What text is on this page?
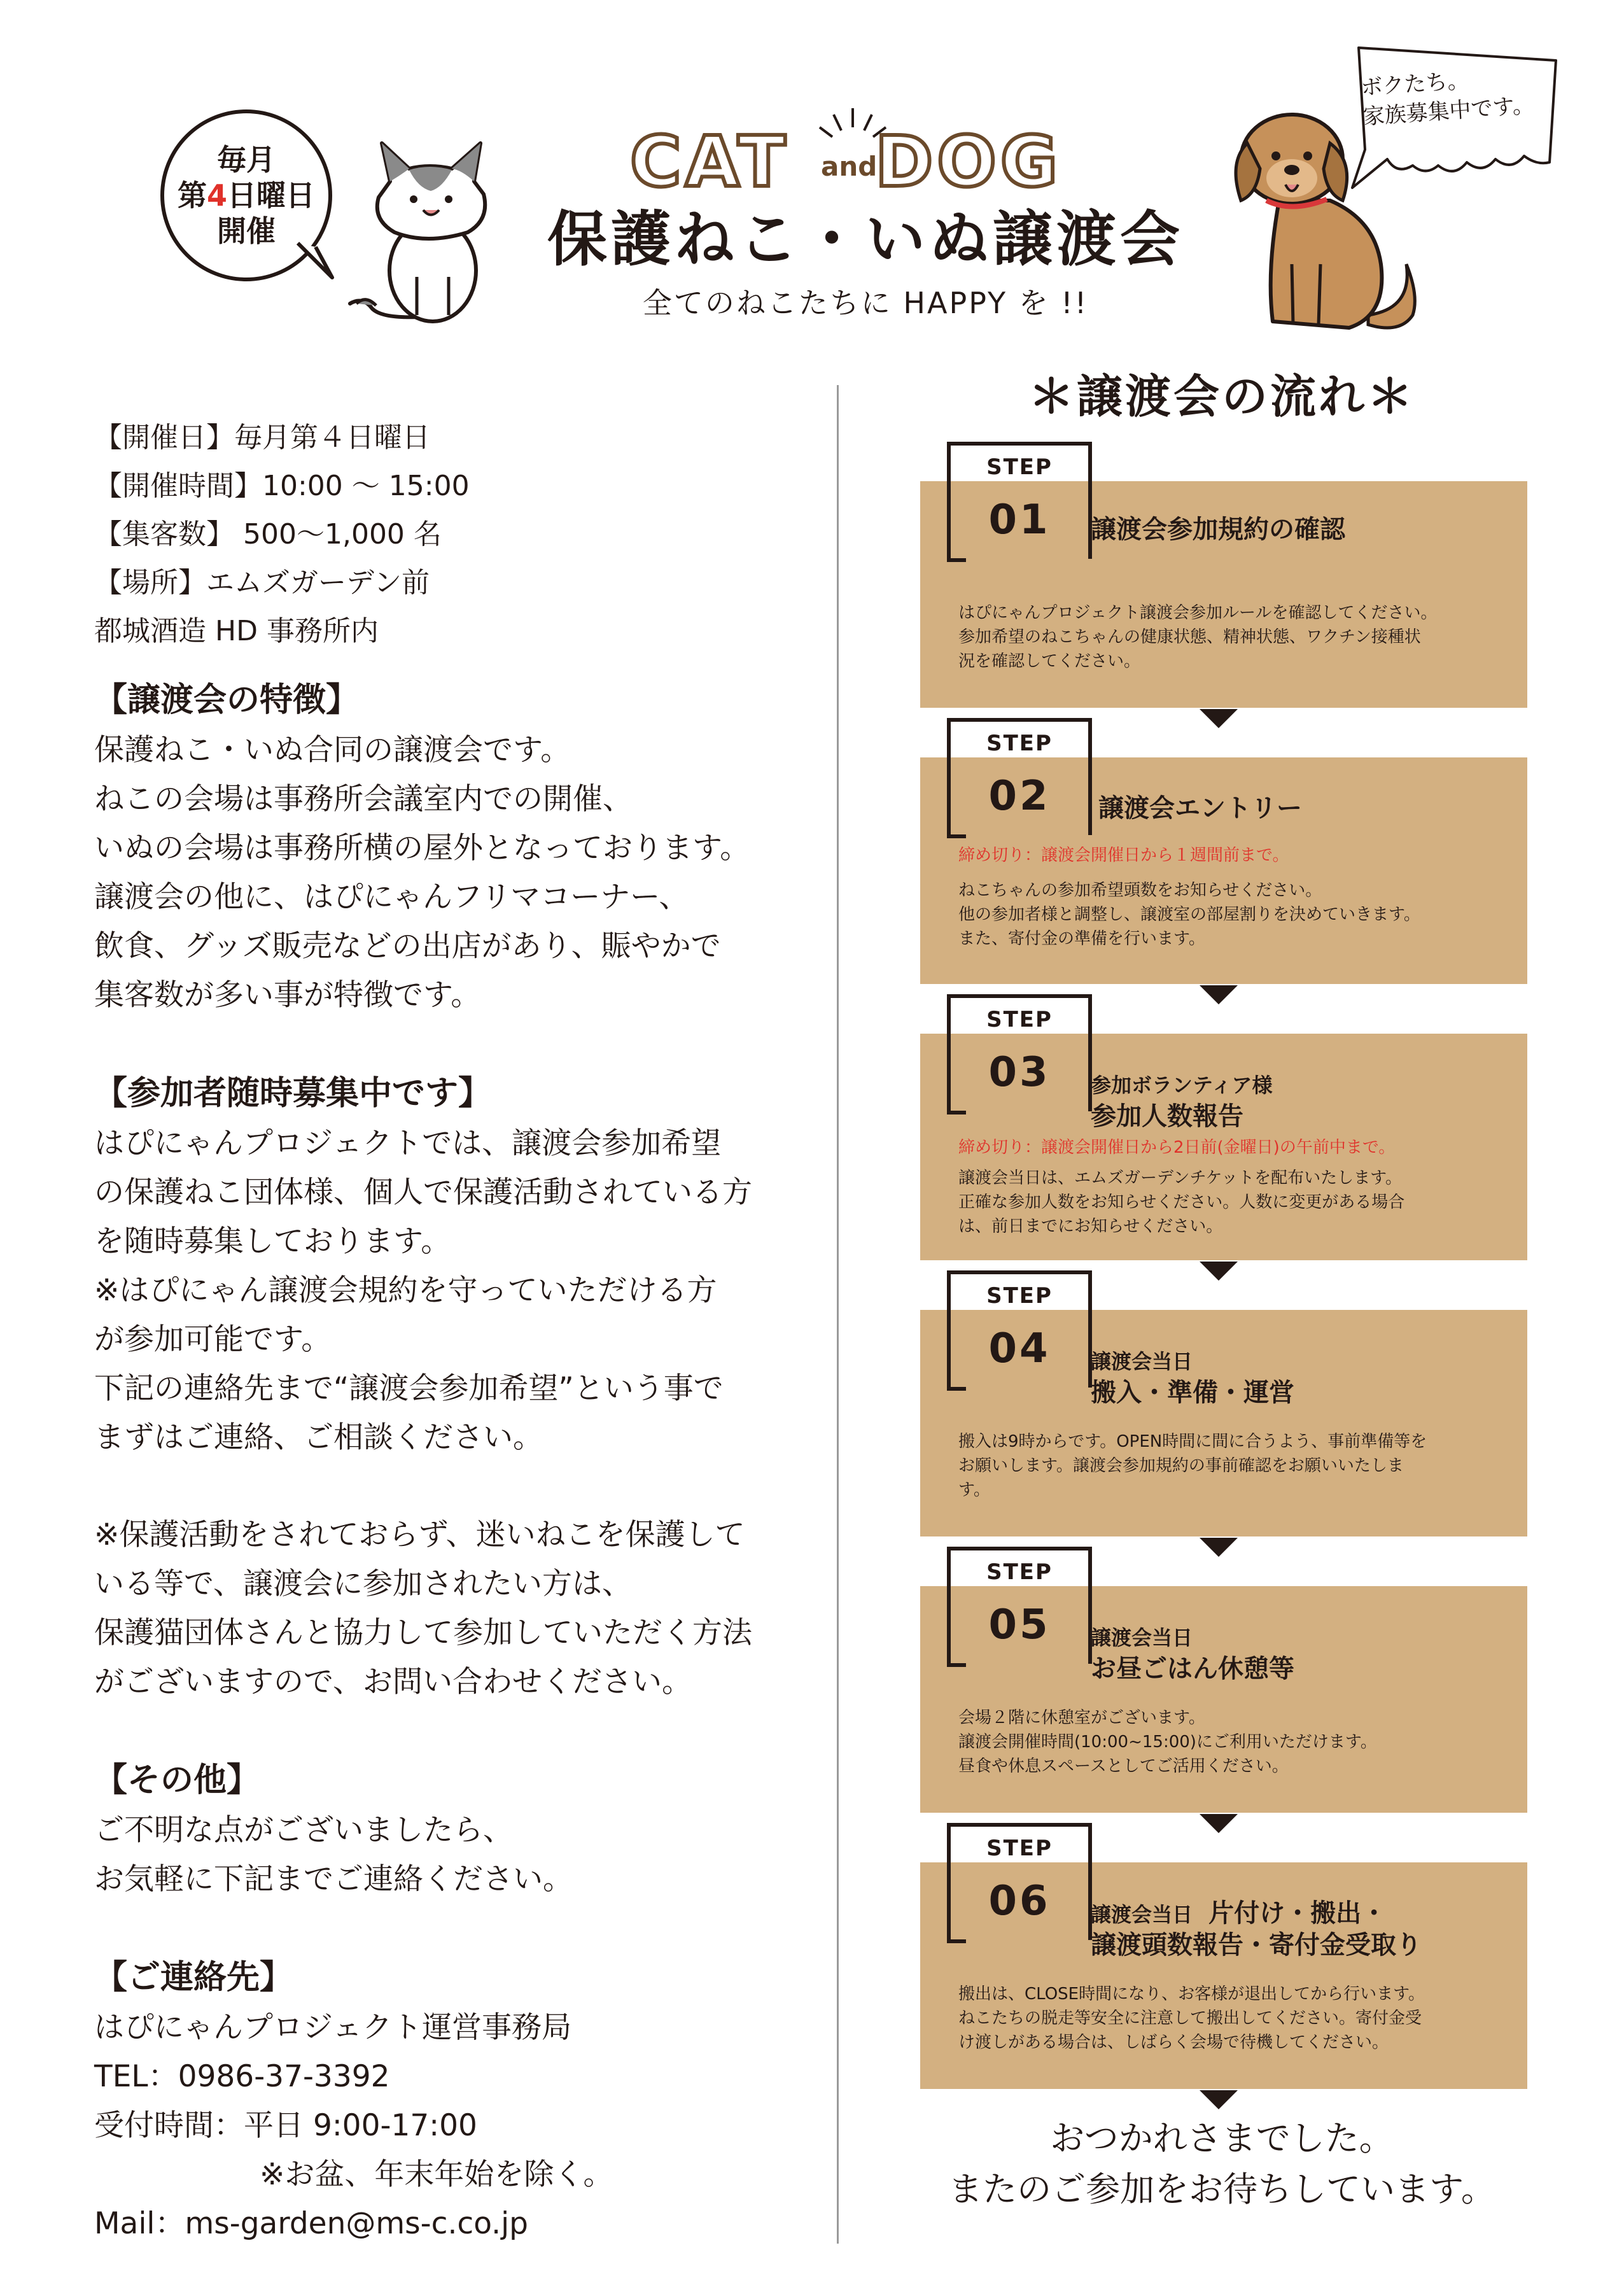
毎月
第4日曜日
開催
CAT and
DOG
保護ねこ・いぬ譲渡会
全てのねこたちに HAPPY を !!
ボクたち。
家族募集中です。
【開催日】毎月第４日曜日
【開催時間】10:00 ～ 15:00
【集客数】 500～1,000 名
【場所】エムズガーデン前
都城酒造 HD 事務所内
【譲渡会の特徴】
保護ねこ・いぬ合同の譲渡会です。
ねこの会場は事務所会議室内での開催、
いぬの会場は事務所横の屋外となっております。
譲渡会の他に、はぴにゃんフリマコーナー、
飲食、グッズ販売などの出店があり、賑やかで
集客数が多い事が特徴です。
【参加者随時募集中です】
はぴにゃんプロジェクトでは、譲渡会参加希望
の保護ねこ団体様、個人で保護活動されている方
を随時募集しております。
※はぴにゃん譲渡会規約を守っていただける方
が参加可能です。
下記の連絡先まで“譲渡会参加希望”という事で
まずはご連絡、ご相談ください。
※保護活動をされておらず、迷いねこを保護して
いる等で、譲渡会に参加されたい方は、
保護猫団体さんと協力して参加していただく方法
がございますので、お問い合わせください。
【その他】
ご不明な点がございましたら、
お気軽に下記までご連絡ください。
【ご連絡先】
はぴにゃんプロジェクト運営事務局
TEL：0986-37-3392
受付時間：平日 9:00-17:00
※お盆、年末年始を除く。
Mail：ms-garden@ms-c.co.jp
＊譲渡会の流れ＊
STEP
01	譲渡会参加規約の確認
はぴにゃんプロジェクト譲渡会参加ルールを確認してください。
参加希望のねこちゃんの健康状態、精神状態、ワクチン接種状
況を確認してください。
STEP
02	譲渡会エントリー
締め切り：譲渡会開催日から１週間前まで。
ねこちゃんの参加希望頭数をお知らせください。
他の参加者様と調整し、譲渡室の部屋割りを決めていきます。
また、寄付金の準備を行います。
STEP
03	参加ボランティア様
参加人数報告
締め切り：譲渡会開催日から2日前(金曜日)の午前中まで。
譲渡会当日は、エムズガーデンチケットを配布いたします。
正確な参加人数をお知らせください。人数に変更がある場合
は、前日までにお知らせください。
STEP
04	譲渡会当日
搬入・準備・運営
搬入は9時からです。OPEN時間に間に合うよう、事前準備等を
お願いします。譲渡会参加規約の事前確認をお願いいたしま
す。
STEP
05	譲渡会当日
お昼ごはん休憩等
会場２階に休憩室がございます。
譲渡会開催時間(10:00~15:00)にご利用いただけます。
昼食や休息スペースとしてご活用ください。
STEP
06	譲渡会当日 片付け・搬出・
譲渡頭数報告・寄付金受取り
搬出は、CLOSE時間になり、お客様が退出してから行います。
ねこたちの脱走等安全に注意して搬出してください。寄付金受
け渡しがある場合は、しばらく会場で待機してください。
おつかれさまでした。
またのご参加をお待ちしています。
